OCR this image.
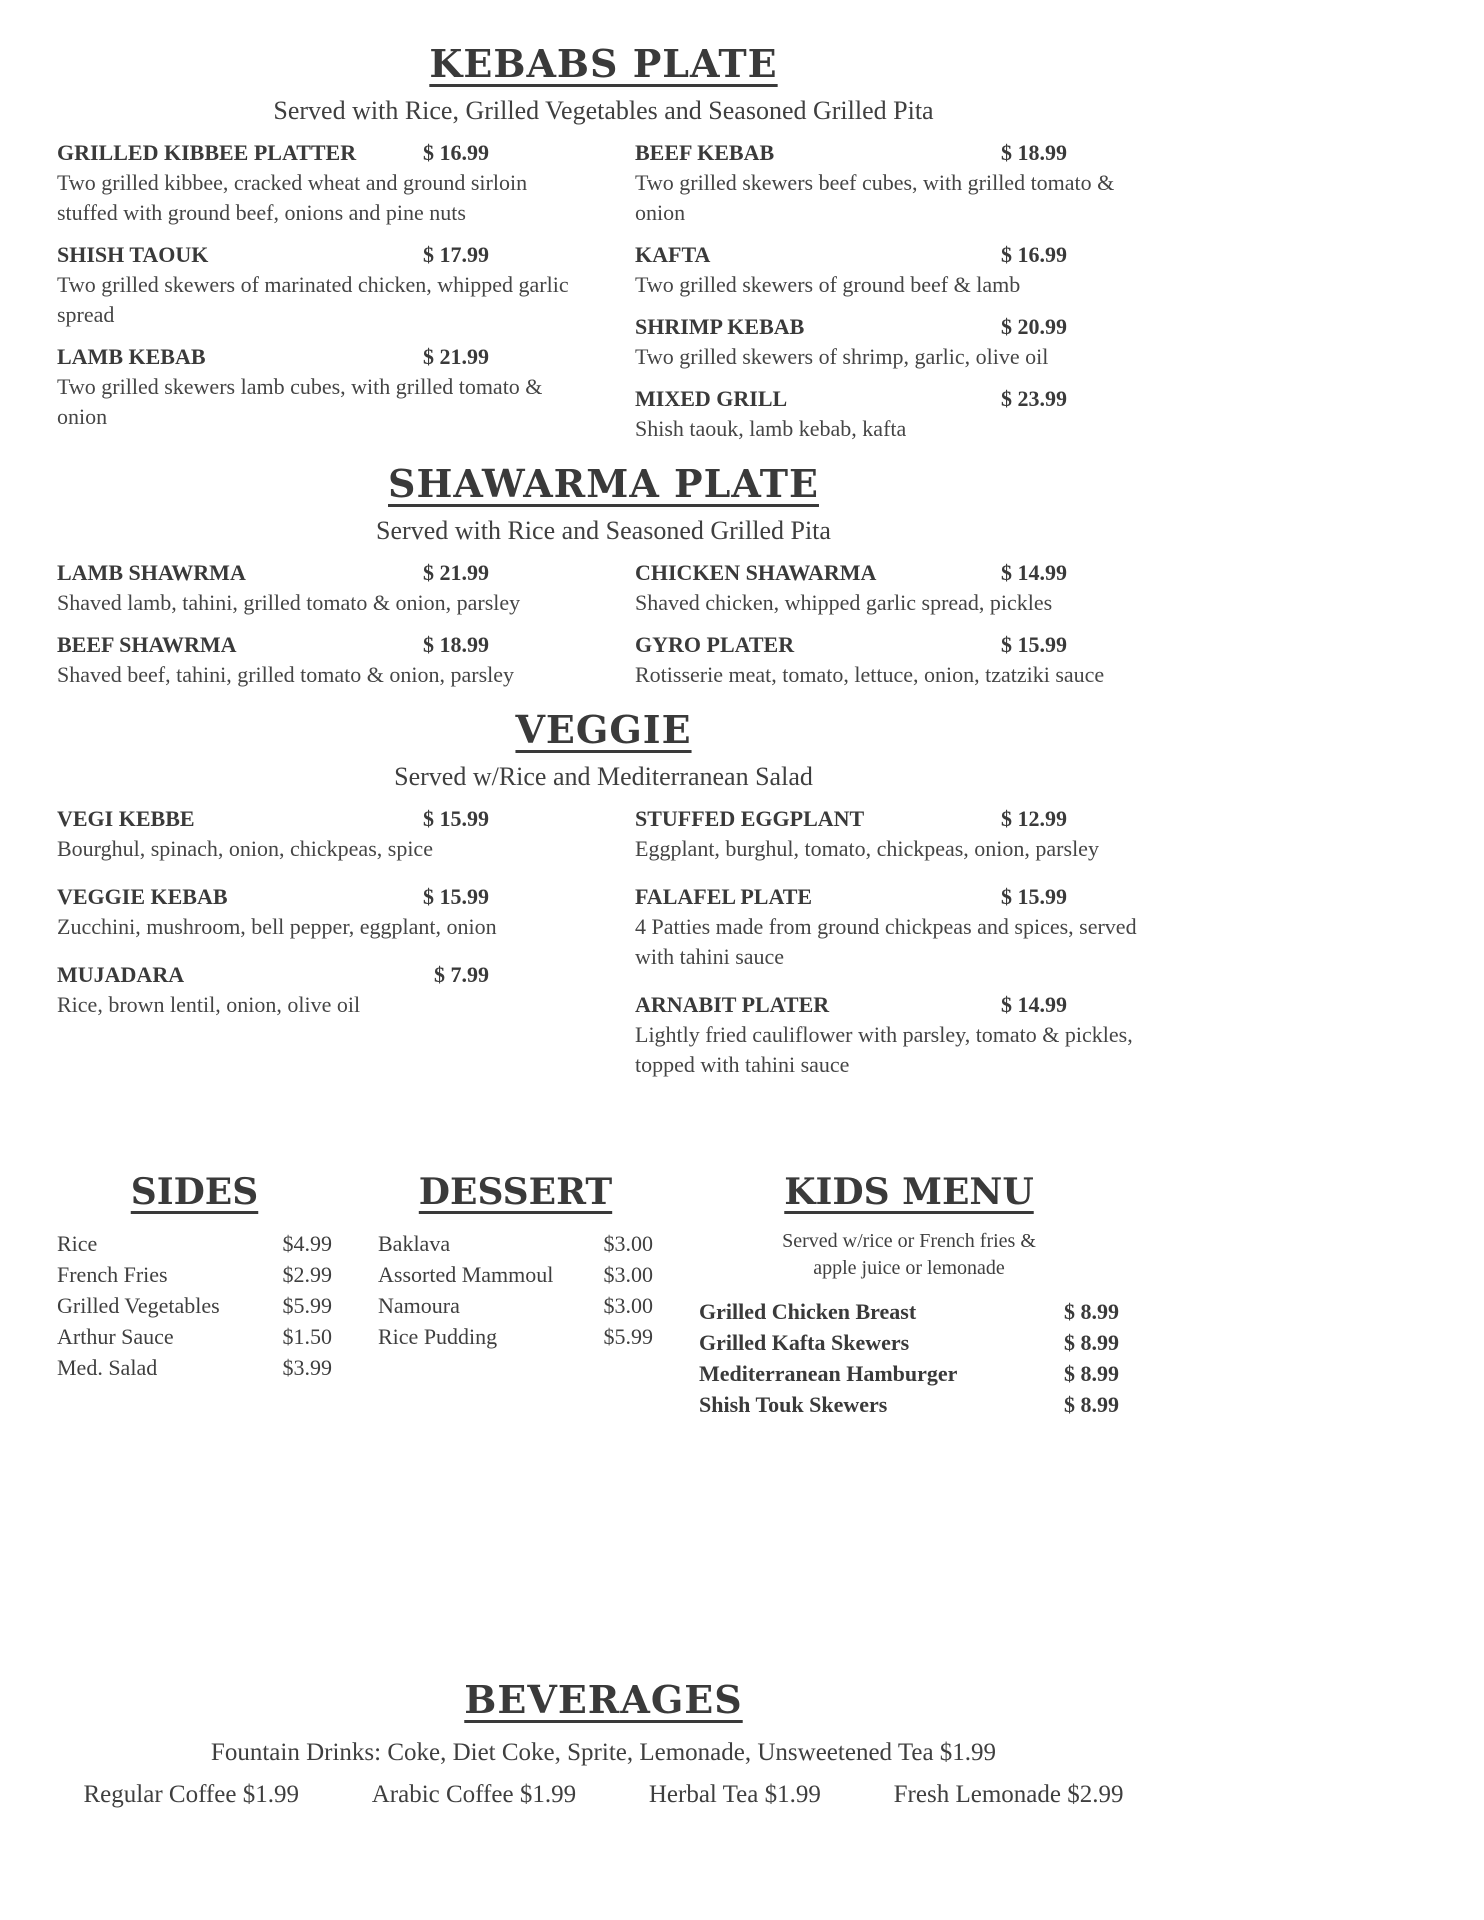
KEBABS PLATE
Served with Rice, Grilled Vegetables and Seasoned Grilled Pita
GRILLED KIBBEE PLATTER	$ 16.99
Two grilled kibbee, cracked wheat and ground sirloin stuffed with ground beef, onions and pine nuts
SHISH TAOUK	$ 17.99
Two grilled skewers of marinated chicken, whipped garlic spread
LAMB KEBAB	$ 21.99
Two grilled skewers lamb cubes, with grilled tomato & onion
BEEF KEBAB	$ 18.99
Two grilled skewers beef cubes, with grilled tomato & onion
KAFTA	$ 16.99
Two grilled skewers of ground beef & lamb
SHRIMP KEBAB	$ 20.99
Two grilled skewers of shrimp, garlic, olive oil
MIXED GRILL	$ 23.99
Shish taouk, lamb kebab, kafta
SHAWARMA PLATE
Served with Rice and Seasoned Grilled Pita
LAMB SHAWRMA	$ 21.99
Shaved lamb, tahini, grilled tomato & onion, parsley
BEEF SHAWRMA	$ 18.99
Shaved beef, tahini, grilled tomato & onion, parsley
CHICKEN SHAWARMA	$ 14.99
Shaved chicken, whipped garlic spread, pickles
GYRO PLATER	$ 15.99
Rotisserie meat, tomato, lettuce, onion, tzatziki sauce
VEGGIE
Served w/Rice and Mediterranean Salad
VEGI KEBBE	$ 15.99
Bourghul, spinach, onion, chickpeas, spice
VEGGIE KEBAB	$ 15.99
Zucchini, mushroom, bell pepper, eggplant, onion
MUJADARA	$ 7.99
Rice, brown lentil, onion, olive oil
STUFFED EGGPLANT	$ 12.99
Eggplant, burghul, tomato, chickpeas, onion, parsley
FALAFEL PLATE	$ 15.99
4 Patties made from ground chickpeas and spices, served with tahini sauce
ARNABIT PLATER	$ 14.99
Lightly fried cauliflower with parsley, tomato & pickles, topped with tahini sauce
SIDES
Rice	$4.99
French Fries	$2.99
Grilled Vegetables	$5.99
Arthur Sauce	$1.50
Med. Salad	$3.99
DESSERT
Baklava	$3.00
Assorted Mammoul $3.00
Namoura	$3.00
Rice Pudding	$5.99
KIDS MENU
Served w/rice or French fries &
apple juice or lemonade
Grilled Chicken Breast	$ 8.99
Grilled Kafta Skewers	$ 8.99
Mediterranean Hamburger	$ 8.99
Shish Touk Skewers	$ 8.99
BEVERAGES
Fountain Drinks: Coke, Diet Coke, Sprite, Lemonade, Unsweetened Tea $1.99
Regular Coffee $1.99	Arabic Coffee $1.99	Herbal Tea $1.99	Fresh Lemonade $2.99
